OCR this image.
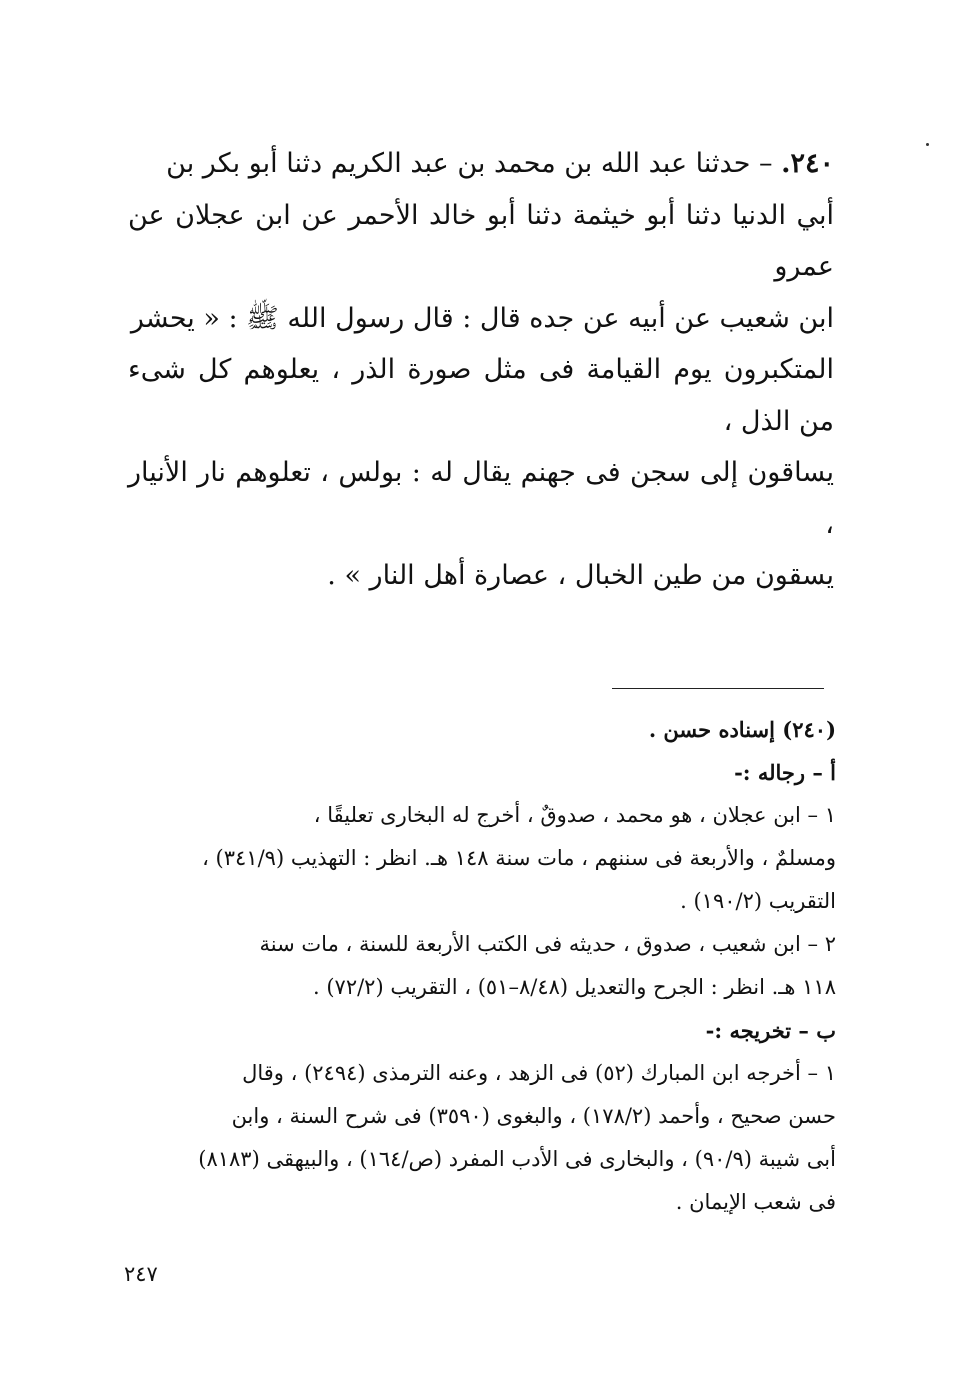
٢٤٠. – حدثنا عبد الله بن محمد بن عبد الكريم دثنا أبو بكر بن
أبي الدنيا دثنا أبو خيثمة دثنا أبو خالد الأحمر عن ابن عجلان عن عمرو
ابن شعيب عن أبيه عن جده قال : قال رسول الله ﷺ : « يحشر
المتكبرون يوم القيامة فى مثل صورة الذر ، يعلوهم كل شىء من الذل ،
يساقون إلى سجن فى جهنم يقال له : بولس ، تعلوهم نار الأنيار ،
يسقون من طين الخبال ، عصارة أهل النار » .

(٢٤٠) إسناده حسن .

أ – رجاله :-

١ – ابن عجلان ، هو محمد ، صدوقٌ ، أخرج له البخارى تعليقًا ،

ومسلمٌ ، والأربعة فى سننهم ، مات سنة ١٤٨ هـ. انظر : التهذيب (٣٤١/٩) ،

التقريب (١٩٠/٢) .

٢ – ابن شعيب ، صدوق ، حديثه فى الكتب الأربعة للسنة ، مات سنة

١١٨ هـ. انظر : الجرح والتعديل (٨/٤٨–٥١) ، التقريب (٧٢/٢) .

ب – تخريجه :-

١ – أخرجه ابن المبارك (٥٢) فى الزهد ، وعنه الترمذى (٢٤٩٤) ، وقال

حسن صحيح ، وأحمد (١٧٨/٢) ، والبغوى (٣٥٩٠) فى شرح السنة ، وابن

أبى شيبة (٩٠/٩) ، والبخارى فى الأدب المفرد (ص/١٦٤) ، والبيهقى (٨١٨٣)

فى شعب الإيمان .

٢٤٧
